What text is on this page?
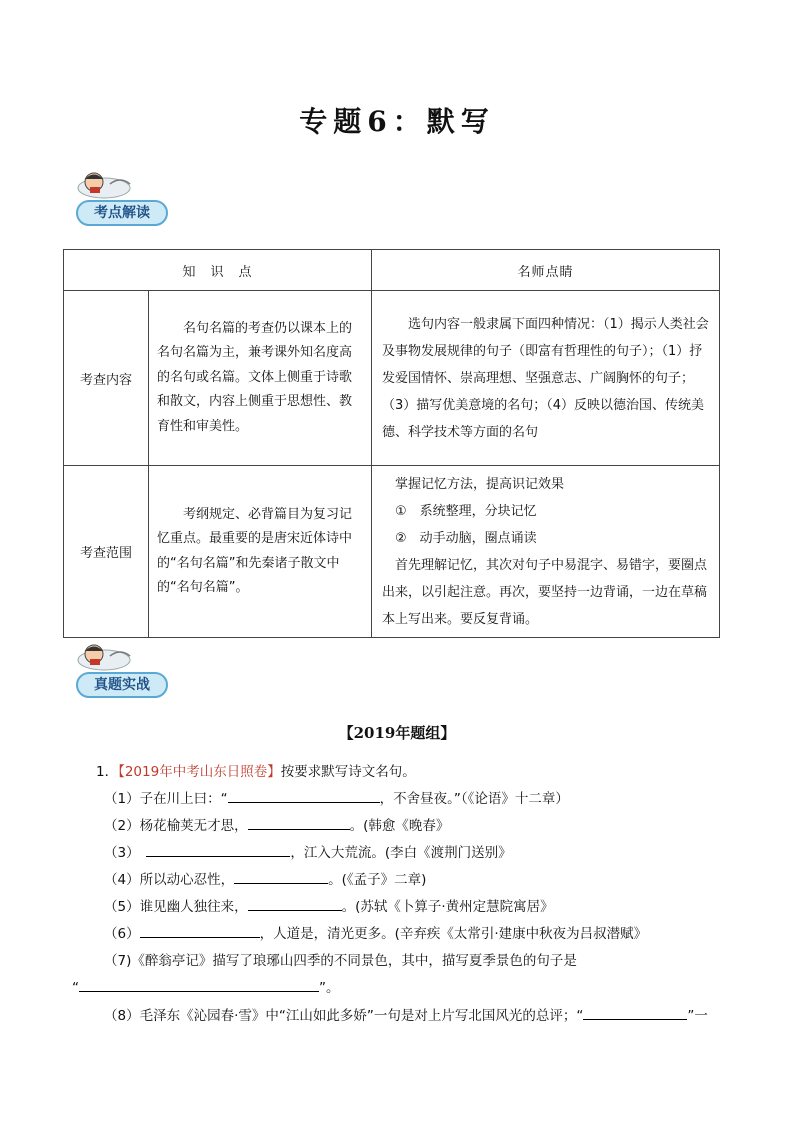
专题6：默写
考点解读
知　识　点		名师点睛
考查内容	名句名篇的考查仍以课本上的名句名篇为主，兼考课外知名度高的名句或名篇。文体上侧重于诗歌和散文，内容上侧重于思想性、教育性和审美性。	选句内容一般隶属下面四种情况：（1）揭示人类社会及事物发展规律的句子（即富有哲理性的句子）；（1）抒发爱国情怀、崇高理想、坚强意志、广阔胸怀的句子；（3）描写优美意境的名句；（4）反映以德治国、传统美德、科学技术等方面的名句

考查范围	考纲规定、必背篇目为复习记忆重点。最重要的是唐宋近体诗中的“名句名篇”和先秦诸子散文中的“名句名篇”。	掌握记忆方法，提高识记效果

①　系统整理，分块记忆

②　动手动脑，圈点诵读

首先理解记忆，其次对句子中易混字、易错字，要圈点出来，以引起注意。再次，要坚持一边背诵，一边在草稿本上写出来。要反复背诵。

真题实战
【2019年题组】
1．【2019年中考山东日照卷】按要求默写诗文名句。
（1）子在川上曰：“	，不舍昼夜。”（《论语》十二章）
（2）杨花榆荚无才思，	。(韩愈《晚春》
（3）　	，江入大荒流。(李白《渡荆门送别》
（4）所以动心忍性，	。(《孟子》二章)
（5）谁见幽人独往来，	。(苏轼《卜算子·黄州定慧院寓居》
（6）	，人道是，清光更多。(辛弃疾《太常引·建康中秋夜为吕叔潜赋》
（7)《醉翁亭记》描写了琅琊山四季的不同景色，其中，描写夏季景色的句子是
“	”。
（8）毛泽东《沁园春·雪》中“江山如此多娇”一句是对上片写北国风光的总评；“	”一
